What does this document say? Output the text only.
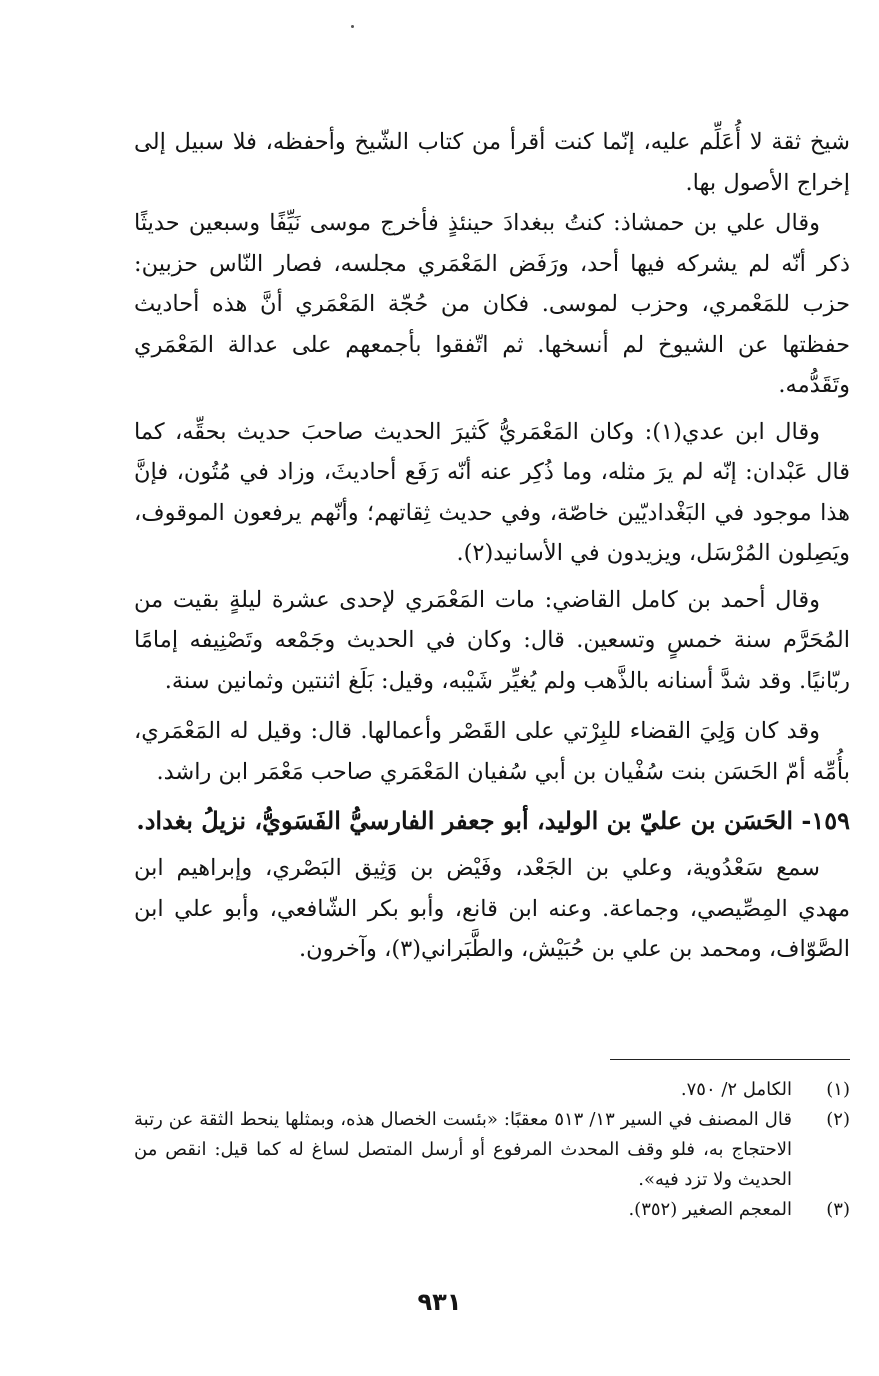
شيخ ثقة لا أُعَلِّم عليه، إنّما كنت أقرأ من كتاب الشّيخ وأحفظه، فلا سبيل إلى إخراج الأصول بها.

وقال علي بن حمشاذ: كنتُ ببغدادَ حينئذٍ فأخرج موسى نَيِّفًا وسبعين حديثًا ذكر أنّه لم يشركه فيها أحد، ورَفَض المَعْمَري مجلسه، فصار النّاس حزبين: حزب للمَعْمري، وحزب لموسى. فكان من حُجّة المَعْمَري أنَّ هذه أحاديث حفظتها عن الشيوخ لم أنسخها. ثم اتّفقوا بأجمعهم على عدالة المَعْمَري وتَقَدُّمه.

وقال ابن عدي(١): وكان المَعْمَريُّ كَثيرَ الحديث صاحبَ حديث بحقِّه، كما قال عَبْدان: إنّه لم يرَ مثله، وما ذُكِر عنه أنّه رَفَع أحاديثَ، وزاد في مُتُون، فإنَّ هذا موجود في البَغْداديّين خاصّة، وفي حديث ثِقاتهم؛ وأنّهم يرفعون الموقوف، ويَصِلون المُرْسَل، ويزيدون في الأسانيد(٢).

وقال أحمد بن كامل القاضي: مات المَعْمَري لإحدى عشرة ليلةٍ بقيت من المُحَرَّم سنة خمسٍ وتسعين. قال: وكان في الحديث وجَمْعه وتَصْنِيفه إمامًا ربّانيًا. وقد شدَّ أسنانه بالذَّهب ولم يُغيِّر شَيْبه، وقيل: بَلَغ اثنتين وثمانين سنة.

وقد كان وَلِيَ القضاء للبِرْتي على القَصْر وأعمالها. قال: وقيل له المَعْمَري، بأُمِّه أمّ الحَسَن بنت سُفْيان بن أبي سُفيان المَعْمَري صاحب مَعْمَر ابن راشد.

١٥٩- الحَسَن بن عليّ بن الوليد، أبو جعفر الفارسيُّ الفَسَويُّ، نزيلُ بغداد.

سمع سَعْدُوية، وعلي بن الجَعْد، وفَيْض بن وَثِيق البَصْري، وإبراهيم ابن مهدي المِصِّيصي، وجماعة. وعنه ابن قانع، وأبو بكر الشّافعي، وأبو علي ابن الصَّوّاف، ومحمد بن علي بن حُبَيْش، والطَّبَراني(٣)، وآخرون.

(١)
الكامل ٢/ ٧٥٠.
(٢)
قال المصنف في السير ١٣/ ٥١٣ معقبًا: «بئست الخصال هذه، وبمثلها ينحط الثقة عن رتبة الاحتجاج به، فلو وقف المحدث المرفوع أو أرسل المتصل لساغ له كما قيل: انقص من الحديث ولا تزد فيه».
(٣)
المعجم الصغير (٣٥٢).
٩٣١
